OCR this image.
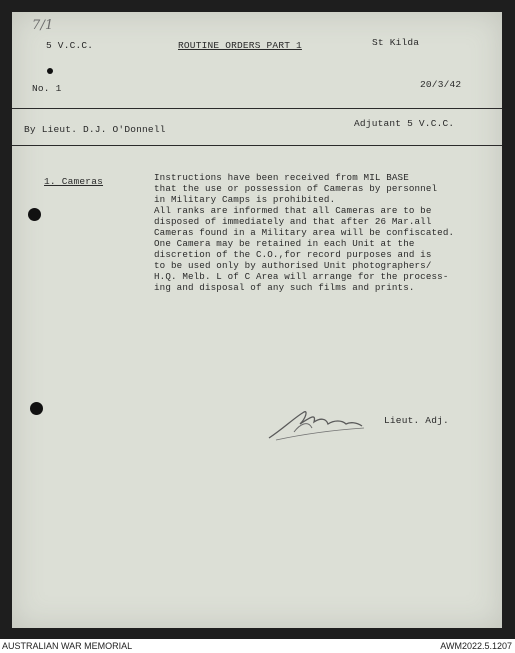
7/1
5 V.C.C.	ROUTINE ORDERS PART 1	St Kilda
No. 1	20/3/42
By Lieut. D.J. O'Donnell
Adjutant 5 V.C.C.
1. Cameras	Instructions have been received from MIL BASE
that the use or possession of Cameras by personnel
in Military Camps is prohibited.
All ranks are informed that all Cameras are to be
disposed of immediately and that after 26 Mar.all
Cameras found in a Military area will be confiscated.
One Camera may be retained in each Unit at the
discretion of the C.O.,for record purposes and is
to be used only by authorised Unit photographers/
H.Q. Melb. L of C Area will arrange for the process-
ing and disposal of any such films and prints.
Lieut. Adj.
AUSTRALIAN WAR MEMORIAL	AWM2022.5.1207
